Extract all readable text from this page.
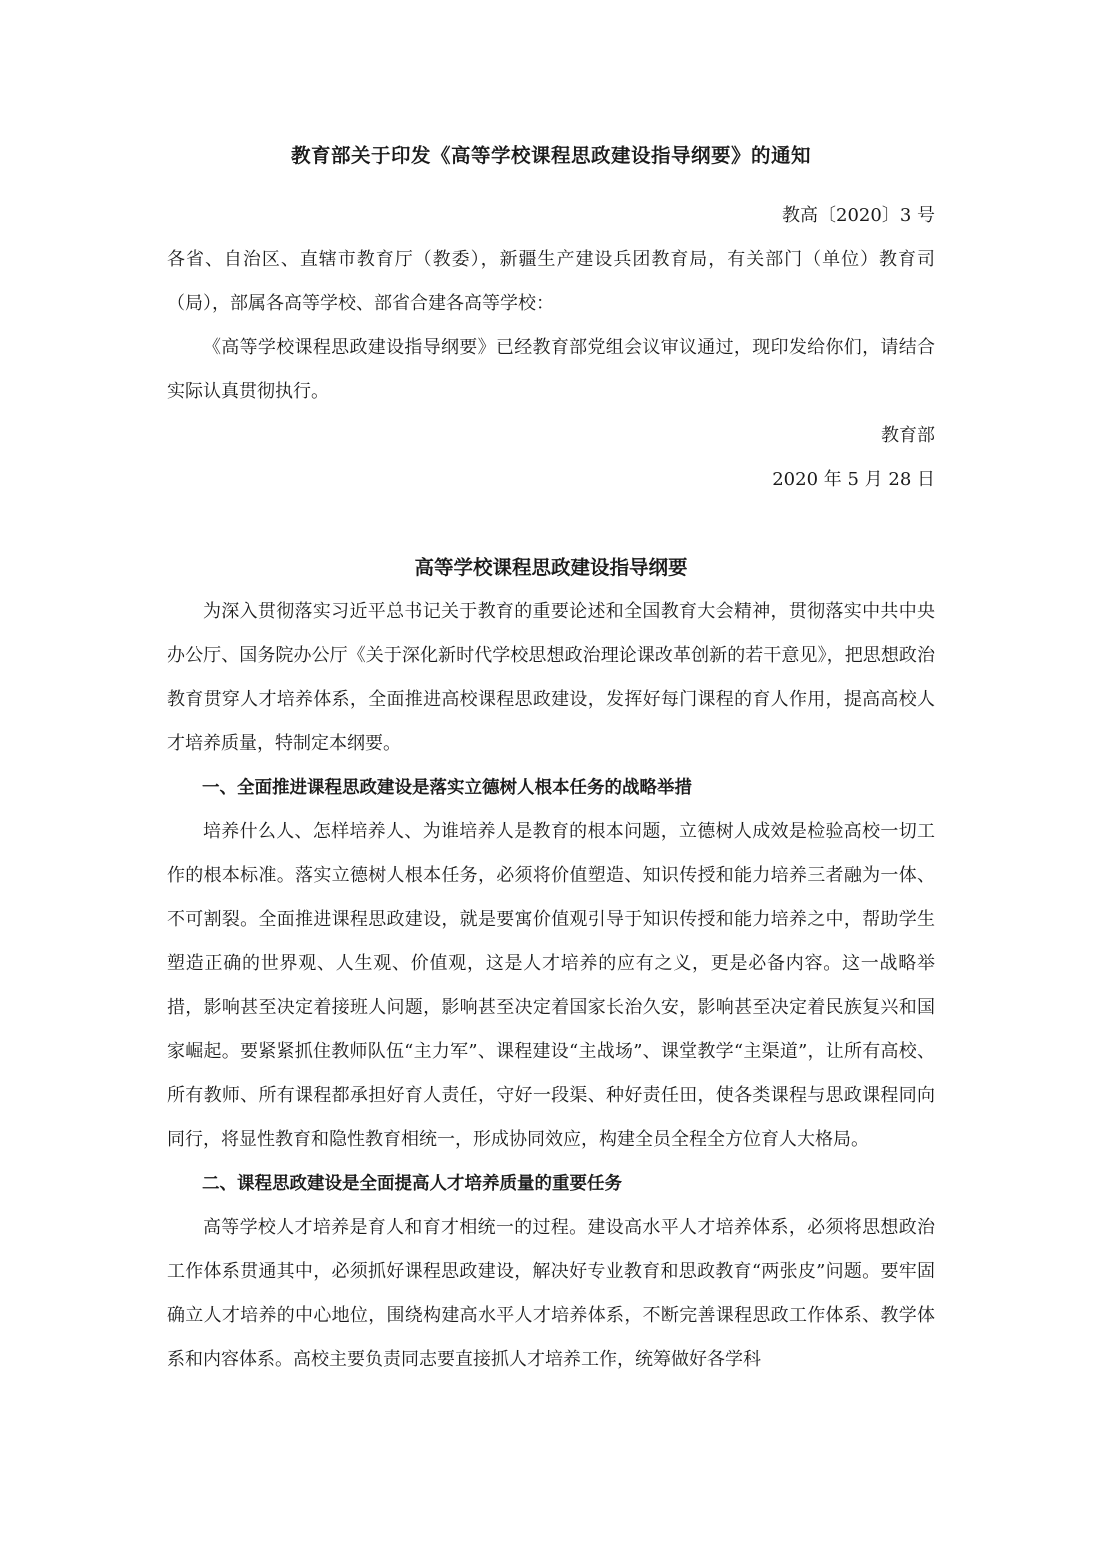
教育部关于印发《高等学校课程思政建设指导纲要》的通知

教高〔2020〕3 号

各省、自治区、直辖市教育厅（教委），新疆生产建设兵团教育局，有关部门（单位）教育司（局），部属各高等学校、部省合建各高等学校：

《高等学校课程思政建设指导纲要》已经教育部党组会议审议通过，现印发给你们，请结合实际认真贯彻执行。

教育部

2020 年 5 月 28 日

高等学校课程思政建设指导纲要

为深入贯彻落实习近平总书记关于教育的重要论述和全国教育大会精神，贯彻落实中共中央办公厅、国务院办公厅《关于深化新时代学校思想政治理论课改革创新的若干意见》，把思想政治教育贯穿人才培养体系，全面推进高校课程思政建设，发挥好每门课程的育人作用，提高高校人才培养质量，特制定本纲要。

一、全面推进课程思政建设是落实立德树人根本任务的战略举措

培养什么人、怎样培养人、为谁培养人是教育的根本问题，立德树人成效是检验高校一切工作的根本标准。落实立德树人根本任务，必须将价值塑造、知识传授和能力培养三者融为一体、不可割裂。全面推进课程思政建设，就是要寓价值观引导于知识传授和能力培养之中，帮助学生塑造正确的世界观、人生观、价值观，这是人才培养的应有之义，更是必备内容。这一战略举措，影响甚至决定着接班人问题，影响甚至决定着国家长治久安，影响甚至决定着民族复兴和国家崛起。要紧紧抓住教师队伍“主力军”、课程建设“主战场”、课堂教学“主渠道”，让所有高校、所有教师、所有课程都承担好育人责任，守好一段渠、种好责任田，使各类课程与思政课程同向同行，将显性教育和隐性教育相统一，形成协同效应，构建全员全程全方位育人大格局。

二、课程思政建设是全面提高人才培养质量的重要任务

高等学校人才培养是育人和育才相统一的过程。建设高水平人才培养体系，必须将思想政治工作体系贯通其中，必须抓好课程思政建设，解决好专业教育和思政教育“两张皮”问题。要牢固确立人才培养的中心地位，围绕构建高水平人才培养体系，不断完善课程思政工作体系、教学体系和内容体系。高校主要负责同志要直接抓人才培养工作，统筹做好各学科
